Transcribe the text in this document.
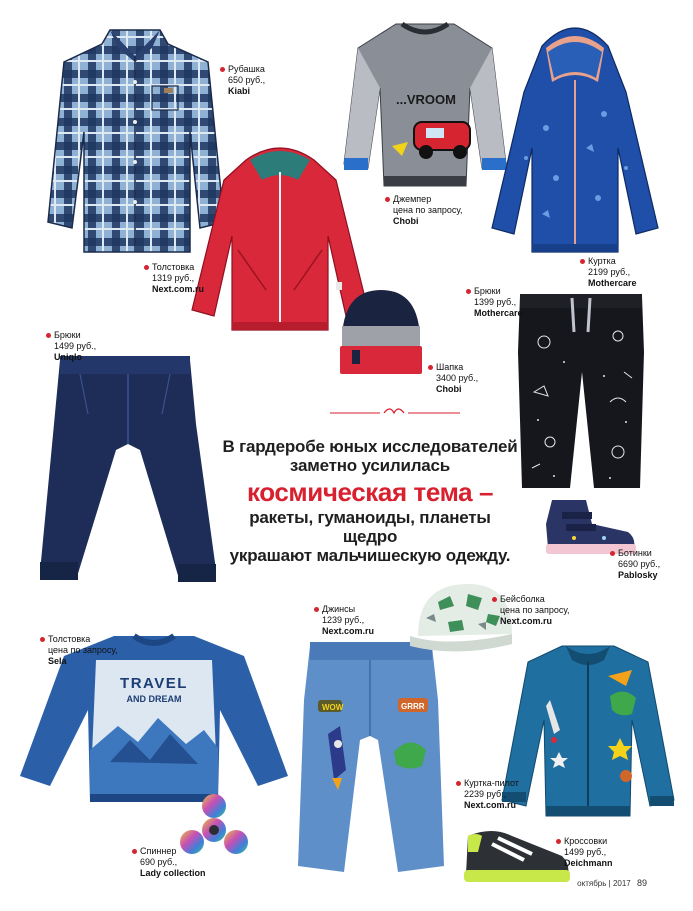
Рубашка
650 руб.,
Kiabi
...VROOM
Джемпер
цена по запросу,
Chobi
Толстовка
1319 руб.,
Next.com.ru
Куртка
2199 руб.,
Mothercare
Брюки
1399 руб.,
Mothercare
Шапка
3400 руб.,
Chobi
Брюки
1499 руб.,
Uniqlo
В гардеробе юных исследователей
заметно усилилась
космическая тема –
ракеты, гуманоиды, планеты щедро
украшают мальчишескую одежду.	Ботинки
6690 руб.,
Pablosky
TRAVEL
AND DREAM
Толстовка
цена по запросу,
Sela
Спиннер
690 руб.,
Lady collection
WOW	GRRR
Джинсы
1239 руб.,
Next.com.ru
Бейсболка
цена по запросу,
Next.com.ru
Куртка-пилот
2239 руб.,
Next.com.ru
Кроссовки
1499 руб.,
Deichmann
октябрь | 2017 89
